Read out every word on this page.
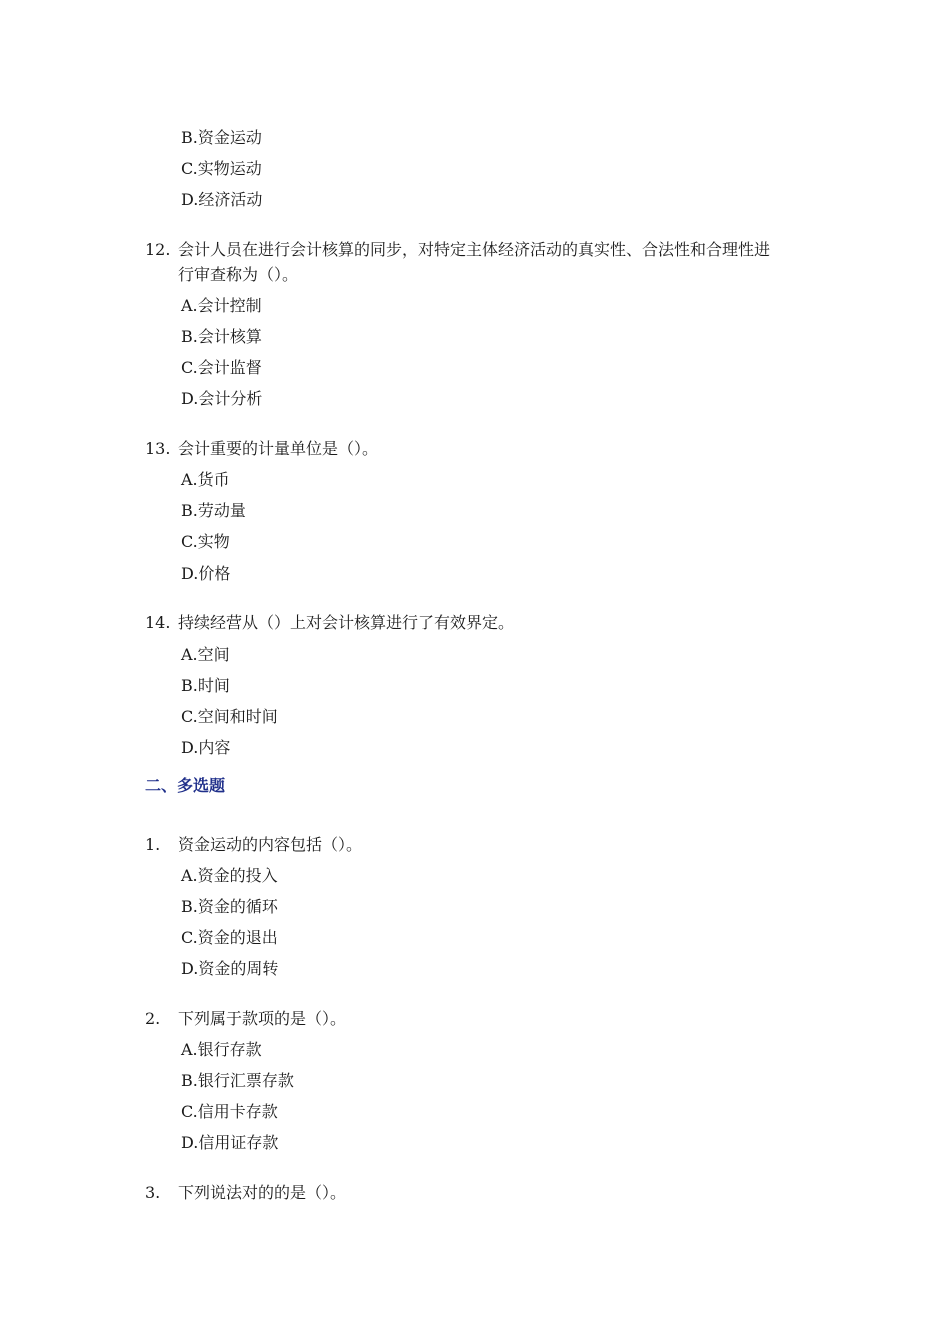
B.资金运动
C.实物运动
D.经济活动
12. 会计人员在进行会计核算的同步，对特定主体经济活动的真实性、合法性和合理性进
行审查称为（）。
A.会计控制
B.会计核算
C.会计监督
D.会计分析
13. 会计重要的计量单位是（）。
A.货币
B.劳动量
C.实物
D.价格
14. 持续经营从（）上对会计核算进行了有效界定。
A.空间
B.时间
C.空间和时间
D.内容
二、多选题
1. 资金运动的内容包括（）。
A.资金的投入
B.资金的循环
C.资金的退出
D.资金的周转
2. 下列属于款项的是（）。
A.银行存款
B.银行汇票存款
C.信用卡存款
D.信用证存款
3. 下列说法对的的是（）。
